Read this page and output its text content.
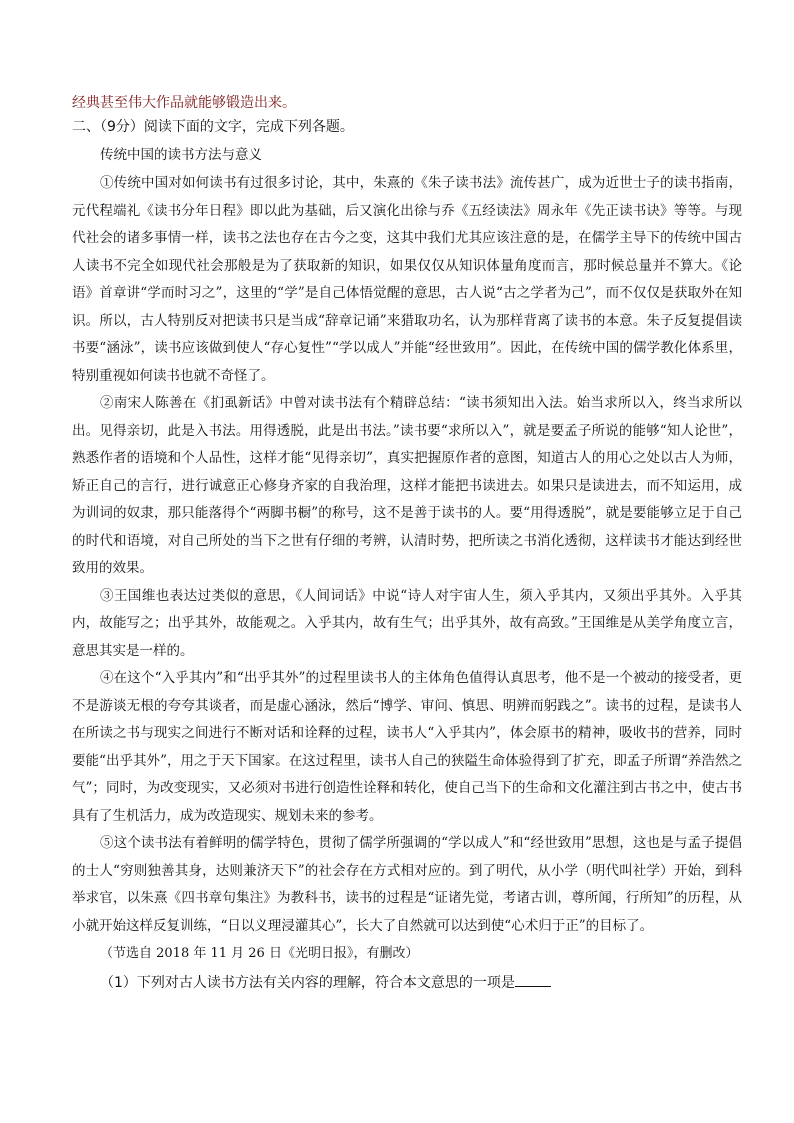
经典甚至伟大作品就能够锻造出来。

二、（9分）阅读下面的文字，完成下列各题。

传统中国的读书方法与意义

①传统中国对如何读书有过很多讨论，其中，朱熹的《朱子读书法》流传甚广，成为近世士子的读书指南，元代程端礼《读书分年日程》即以此为基础，后又演化出徐与乔《五经读法》周永年《先正读书诀》等等。与现代社会的诸多事情一样，读书之法也存在古今之变，这其中我们尤其应该注意的是，在儒学主导下的传统中国古人读书不完全如现代社会那般是为了获取新的知识，如果仅仅从知识体量角度而言，那时候总量并不算大。《论语》首章讲“学而时习之”，这里的“学”是自己体悟觉醒的意思，古人说“古之学者为己”，而不仅仅是获取外在知识。所以，古人特别反对把读书只是当成“辞章记诵”来猎取功名，认为那样背离了读书的本意。朱子反复提倡读书要“涵泳”，读书应该做到使人“存心复性”“学以成人”并能“经世致用”。因此，在传统中国的儒学教化体系里，特别重视如何读书也就不奇怪了。

②南宋人陈善在《扪虱新话》中曾对读书法有个精辟总结：“读书须知出入法。始当求所以入，终当求所以出。见得亲切，此是入书法。用得透脱，此是出书法。”读书要“求所以入”，就是要孟子所说的能够“知人论世”，熟悉作者的语境和个人品性，这样才能“见得亲切”，真实把握原作者的意图，知道古人的用心之处以古人为师，矫正自己的言行，进行诚意正心修身齐家的自我治理，这样才能把书读进去。如果只是读进去，而不知运用，成为训词的奴隶，那只能落得个“两脚书橱”的称号，这不是善于读书的人。要“用得透脱”，就是要能够立足于自己的时代和语境，对自己所处的当下之世有仔细的考辨，认清时势，把所读之书消化透彻，这样读书才能达到经世致用的效果。

③王国维也表达过类似的意思，《人间词话》中说“诗人对宇宙人生，须入乎其内，又须出乎其外。入乎其内，故能写之；出乎其外，故能观之。入乎其内，故有生气；出乎其外，故有高致。”王国维是从美学角度立言，意思其实是一样的。

④在这个“入乎其内”和“出乎其外”的过程里读书人的主体角色值得认真思考，他不是一个被动的接受者，更不是游谈无根的夸夸其谈者，而是虚心涵泳，然后“博学、审问、慎思、明辨而躬践之”。读书的过程，是读书人在所读之书与现实之间进行不断对话和诠释的过程，读书人“入乎其内”，体会原书的精神，吸收书的营养，同时要能“出乎其外”，用之于天下国家。在这过程里，读书人自己的狭隘生命体验得到了扩充，即孟子所谓“养浩然之气”；同时，为改变现实，又必须对书进行创造性诠释和转化，使自己当下的生命和文化灌注到古书之中，使古书具有了生机活力，成为改造现实、规划未来的参考。

⑤这个读书法有着鲜明的儒学特色，贯彻了儒学所强调的“学以成人”和“经世致用”思想，这也是与孟子提倡的士人“穷则独善其身，达则兼济天下”的社会存在方式相对应的。到了明代，从小学（明代叫社学）开始，到科举求官，以朱熹《四书章句集注》为教科书，读书的过程是“证诸先觉，考诸古训，尊所闻，行所知”的历程，从小就开始这样反复训练，“日以义理浸灌其心”，长大了自然就可以达到使“心术归于正”的目标了。

（节选自 2018 年 11 月 26 日《光明日报》，有删改）

（1）下列对古人读书方法有关内容的理解，符合本文意思的一项是
